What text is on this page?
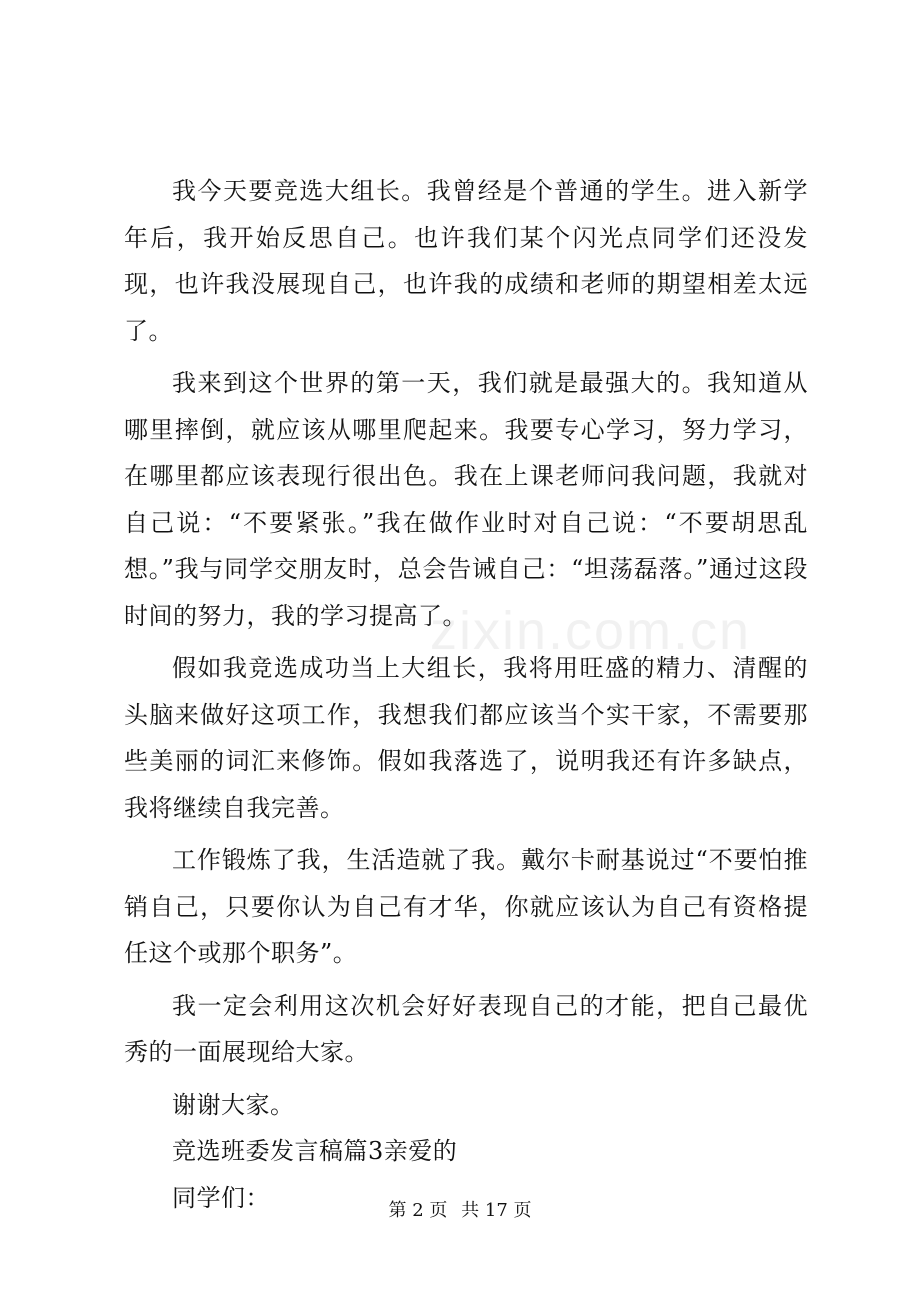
zixin.com.cn

我今天要竞选大组长。我曾经是个普通的学生。进入新学年后，我开始反思自己。也许我们某个闪光点同学们还没发现，也许我没展现自己，也许我的成绩和老师的期望相差太远了。

我来到这个世界的第一天，我们就是最强大的。我知道从哪里摔倒，就应该从哪里爬起来。我要专心学习，努力学习，在哪里都应该表现行很出色。我在上课老师问我问题，我就对自己说：“不要紧张。”我在做作业时对自己说：“不要胡思乱想。”我与同学交朋友时，总会告诫自己：“坦荡磊落。”通过这段时间的努力，我的学习提高了。

假如我竞选成功当上大组长，我将用旺盛的精力、清醒的头脑来做好这项工作，我想我们都应该当个实干家，不需要那些美丽的词汇来修饰。假如我落选了，说明我还有许多缺点，我将继续自我完善。

工作锻炼了我，生活造就了我。戴尔卡耐基说过“不要怕推销自己，只要你认为自己有才华，你就应该认为自己有资格提任这个或那个职务”。

我一定会利用这次机会好好表现自己的才能，把自己最优秀的一面展现给大家。

谢谢大家。

竞选班委发言稿篇3亲爱的

同学们：	第 2 页 共 17 页
